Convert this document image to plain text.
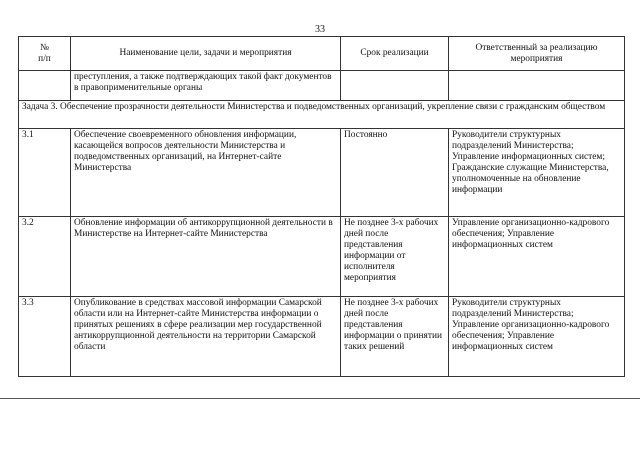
33
№
п/п	Наименование цели, задачи и мероприятия	Срок реализации	Ответственный за реализацию мероприятия
	преступления, а также подтверждающих такой факт документов в правоприменительные органы		
Задача 3. Обеспечение прозрачности деятельности Министерства и подведомственных организаций, укрепление связи с гражданским обществом			
3.1	Обеспечение своевременного обновления информации, касающейся вопросов деятельности Министерства и подведомственных организаций, на Интернет-сайте Министерства	Постоянно	Руководители структурных подразделений Министерства; Управление информационных систем; Гражданские служащие Министерства, уполномоченные на обновление информации
3.2	Обновление информации об антикоррупционной деятельности в Министерстве на Интернет-сайте Министерства	Не позднее 3-х рабочих дней после представления информации от исполнителя мероприятия	Управление организационно-кадрового обеспечения; Управление информационных систем
3.3	Опубликование в средствах массовой информации Самарской области или на Интернет-сайте Министерства информации о принятых решениях в сфере реализации мер государственной антикоррупционной деятельности на территории Самарской области	Не позднее 3-х рабочих дней после представления информации о принятии таких решений	Руководители структурных подразделений Министерства; Управление организационно-кадрового обеспечения; Управление информационных систем
